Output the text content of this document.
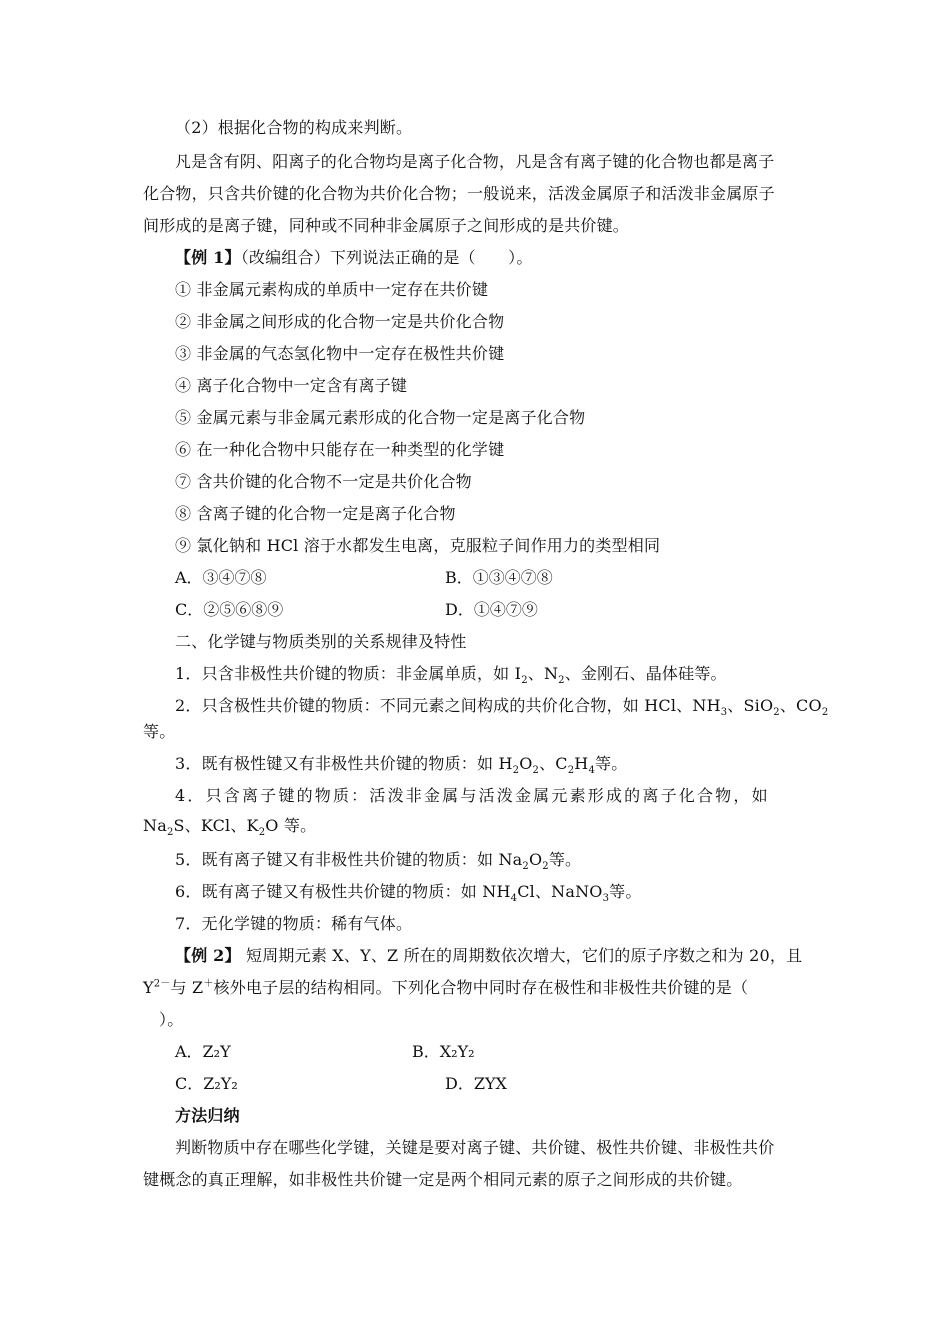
（2）根据化合物的构成来判断。
凡是含有阴、阳离子的化合物均是离子化合物，凡是含有离子键的化合物也都是离子
化合物，只含共价键的化合物为共价化合物；一般说来，活泼金属原子和活泼非金属原子
间形成的是离子键，同种或不同种非金属原子之间形成的是共价键。
【例 1】（改编组合）下列说法正确的是（　　）。
① 非金属元素构成的单质中一定存在共价键
② 非金属之间形成的化合物一定是共价化合物
③ 非金属的气态氢化物中一定存在极性共价键
④ 离子化合物中一定含有离子键
⑤ 金属元素与非金属元素形成的化合物一定是离子化合物
⑥ 在一种化合物中只能存在一种类型的化学键
⑦ 含共价键的化合物不一定是共价化合物
⑧ 含离子键的化合物一定是离子化合物
⑨ 氯化钠和 HCl 溶于水都发生电离，克服粒子间作用力的类型相同
A．③④⑦⑧	B．①③④⑦⑧
C．②⑤⑥⑧⑨	D．①④⑦⑨
二、化学键与物质类别的关系规律及特性
1．只含非极性共价键的物质：非金属单质，如 $I_2$、$N_2$、金刚石、晶体硅等。
2．只含极性共价键的物质：不同元素之间构成的共价化合物，如 HCl、$NH_3$、SiO$_2$、$CO_2$
等。
3．既有极性键又有非极性共价键的物质：如 $H_2O_2$、$C_2H_4$等。
4．只含离子键的物质：活泼非金属与活泼金属元素形成的离子化合物，如
$Na_2S$、KCl、$K_2O$ 等。
5．既有离子键又有非极性共价键的物质：如 $Na_2O_2$等。
6．既有离子键又有极性共价键的物质：如 $NH_4Cl$、NaNO$_3$等。
7．无化学键的物质：稀有气体。
【例 2】 短周期元素 X、Y、Z 所在的周期数依次增大，它们的原子序数之和为 20，且
$Y^{2-}$与 Z＋核外电子层的结构相同。下列化合物中同时存在极性和非极性共价键的是（
）。
A．Z₂Y	B．X₂Y₂
C．Z₂Y₂	D．ZYX
方法归纳
判断物质中存在哪些化学键，关键是要对离子键、共价键、极性共价键、非极性共价
键概念的真正理解，如非极性共价键一定是两个相同元素的原子之间形成的共价键。
